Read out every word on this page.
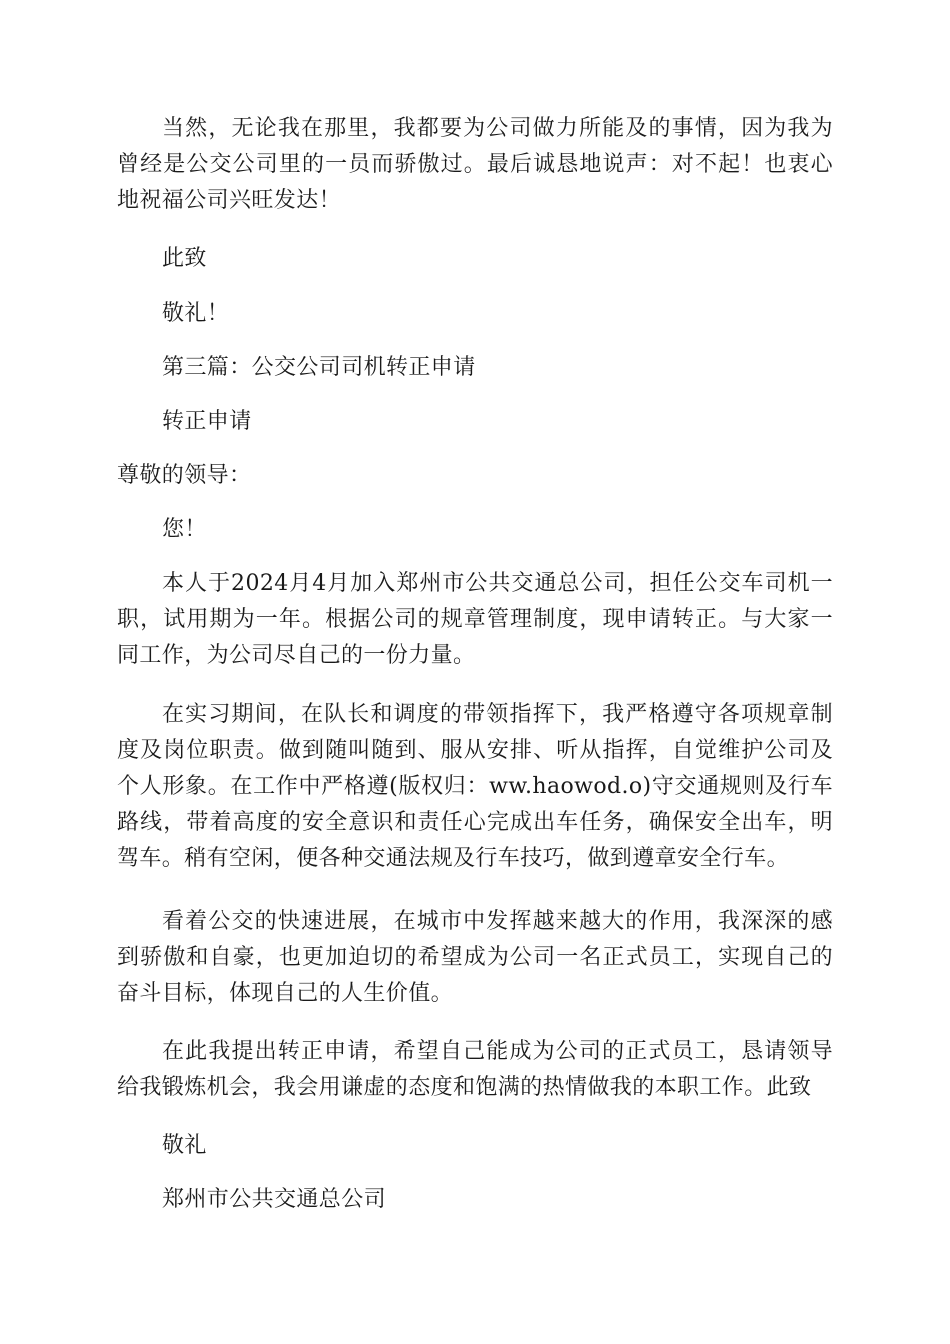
当然，无论我在那里，我都要为公司做力所能及的事情，因为我为曾经是公交公司里的一员而骄傲过。最后诚恳地说声：对不起！也衷心地祝福公司兴旺发达！

此致

敬礼！

第三篇：公交公司司机转正申请

转正申请

尊敬的领导：

您！

本人于2024月4月加入郑州市公共交通总公司，担任公交车司机一职，试用期为一年。根据公司的规章管理制度，现申请转正。与大家一同工作，为公司尽自己的一份力量。

在实习期间，在队长和调度的带领指挥下，我严格遵守各项规章制度及岗位职责。做到随叫随到、服从安排、听从指挥，自觉维护公司及个人形象。在工作中严格遵(版权归：ww.haowod.o)守交通规则及行车路线，带着高度的安全意识和责任心完成出车任务，确保安全出车，明驾车。稍有空闲，便各种交通法规及行车技巧，做到遵章安全行车。

看着公交的快速进展，在城市中发挥越来越大的作用，我深深的感到骄傲和自豪，也更加迫切的希望成为公司一名正式员工，实现自己的奋斗目标，体现自己的人生价值。

在此我提出转正申请，希望自己能成为公司的正式员工，恳请领导给我锻炼机会，我会用谦虚的态度和饱满的热情做我的本职工作。此致

敬礼

郑州市公共交通总公司
